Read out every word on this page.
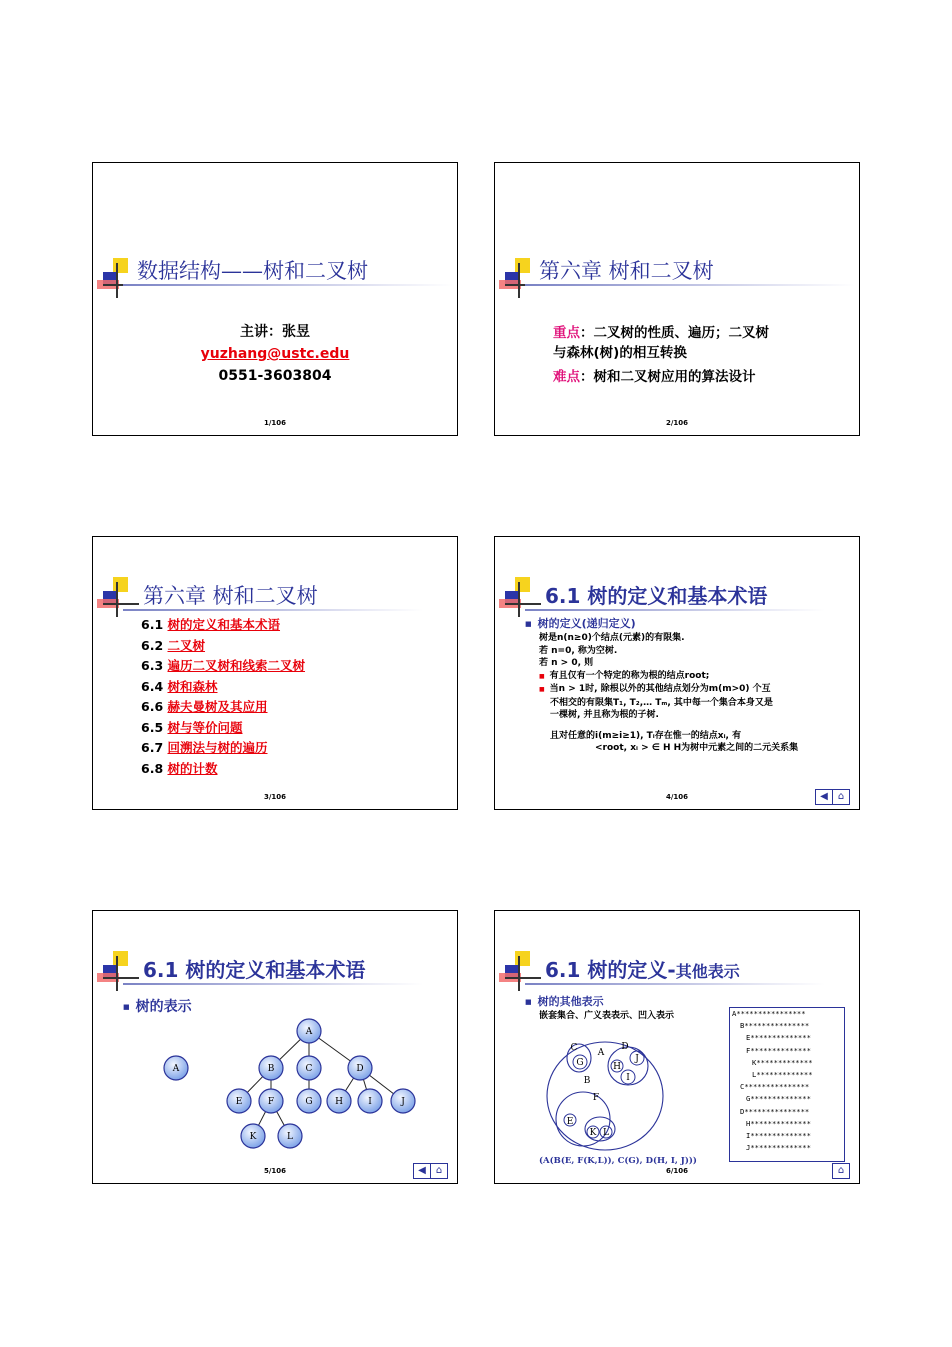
数据结构——树和二叉树
主讲：张昱
yuzhang@ustc.edu
0551-3603804
1/106
第六章 树和二叉树
重点：二叉树的性质、遍历；二叉树
与森林(树)的相互转换
难点：树和二叉树应用的算法设计
2/106
第六章 树和二叉树
6.1 树的定义和基本术语
6.2 二叉树
6.3 遍历二叉树和线索二叉树
6.4 树和森林
6.6 赫夫曼树及其应用
6.5 树与等价问题
6.7 回溯法与树的遍历
6.8 树的计数
3/106
6.1 树的定义和基本术语
■ 树的定义(递归定义)
树是n(n≥0)个结点(元素)的有限集.
若 n=0, 称为空树.
若 n > 0, 则
■ 有且仅有一个特定的称为根的结点root;
■ 当n > 1时, 除根以外的其他结点划分为m(m>0) 个互
不相交的有限集T₁, T₂,… Tₘ, 其中每一个集合本身又是
一棵树, 并且称为根的子树.
且对任意的i(m≥i≥1), Tᵢ存在惟一的结点xᵢ, 有
<root, xᵢ > ∈ H H为树中元素之间的二元关系集
◀ ⌂
4/106
6.1 树的定义和基本术语
■ 树的表示
A
A
B	C	D
E	F	G H	I	J
K	L
◀ ⌂
5/106
6.1 树的定义-其他表示
■ 树的其他表示
嵌套集合、广义表表示、凹入表示
A
B
C	D
E
F
G	H
I
J
K L
(A(B(E, F(K,L)), C(G), D(H, I, J)))
A****************
B***************
E**************
F**************
K*************
L*************
C***************
G**************
D***************
H**************
I**************
J**************
⌂
6/106
